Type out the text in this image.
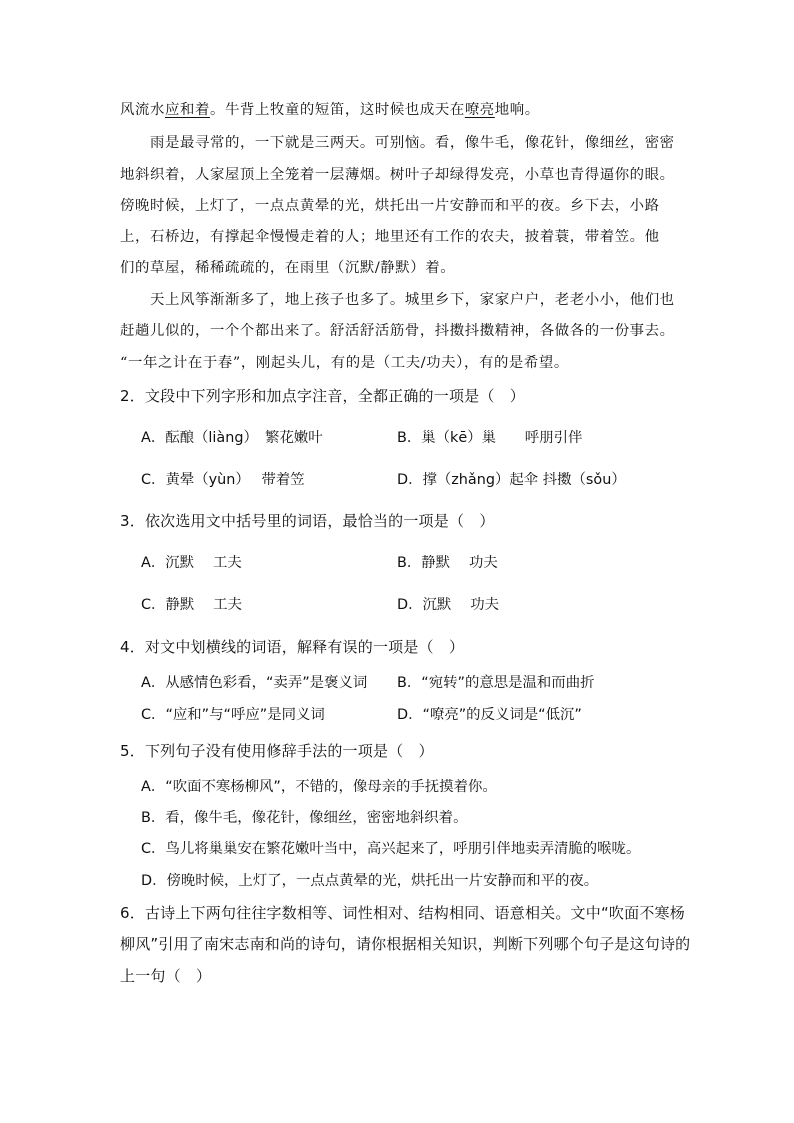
风流水应和着。牛背上牧童的短笛，这时候也成天在嘹亮地响。
雨是最寻常的，一下就是三两天。可别恼。看，像牛毛，像花针，像细丝，密密
地斜织着，人家屋顶上全笼着一层薄烟。树叶子却绿得发亮，小草也青得逼你的眼。
傍晚时候，上灯了，一点点黄晕的光，烘托出一片安静而和平的夜。乡下去，小路
上，石桥边，有撑起伞慢慢走着的人；地里还有工作的农夫，披着蓑，带着笠。他
们的草屋，稀稀疏疏的，在雨里（沉默/静默）着。
天上风筝渐渐多了，地上孩子也多了。城里乡下，家家户户，老老小小，他们也
赶趟儿似的，一个个都出来了。舒活舒活筋骨，抖擞抖擞精神，各做各的一份事去。
“一年之计在于春”，刚起头儿，有的是（工夫/功夫），有的是希望。
2．文段中下列字形和加点字注音，全都正确的一项是（　）
A．酝酿（liàng）　繁花嫩叶	B．巢（kē）巢　　呼朋引伴
C．黄晕（yùn）　 带着笠	D．撑（zhǎng）起伞 抖擞（sǒu）
3．依次选用文中括号里的词语，最恰当的一项是（　）
A．沉默　 工夫	B．静默　 功夫
C．静默　 工夫	D．沉默　 功夫
4．对文中划横线的词语，解释有误的一项是（　）
A．从感情色彩看，“卖弄”是褒义词 B．“宛转”的意思是温和而曲折
C．“应和”与“呼应”是同义词	D．“嘹亮”的反义词是“低沉”
5．下列句子没有使用修辞手法的一项是（　）
A．“吹面不寒杨柳风”，不错的，像母亲的手抚摸着你。
B．看，像牛毛，像花针，像细丝，密密地斜织着。
C．鸟儿将巢巢安在繁花嫩叶当中，高兴起来了，呼朋引伴地卖弄清脆的喉咙。
D．傍晚时候，上灯了，一点点黄晕的光，烘托出一片安静而和平的夜。
6．古诗上下两句往往字数相等、词性相对、结构相同、语意相关。文中“吹面不寒杨
柳风”引用了南宋志南和尚的诗句，请你根据相关知识，判断下列哪个句子是这句诗的
上一句（　）
